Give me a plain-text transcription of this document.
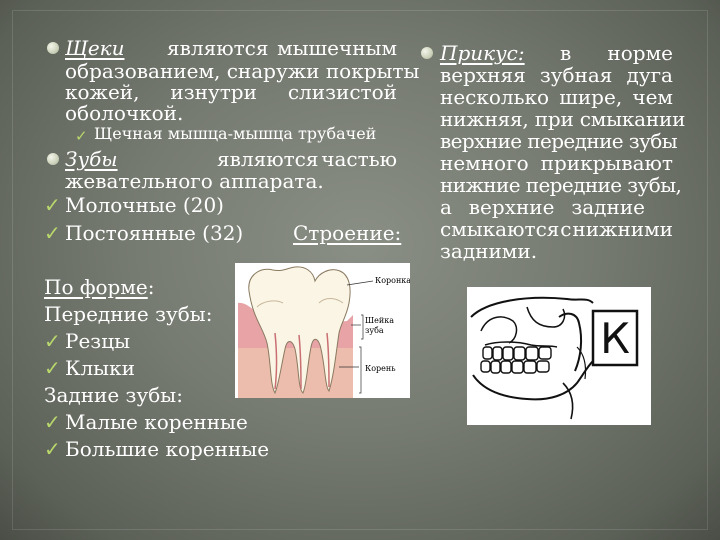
Щеки являются мышечным
образованием, снаружи покрыты
кожей, изнутри слизистой
оболочкой.
✓ Щечная мышца-мышца трубачей
Зубы	являются частью
жевательного аппарата.
✓ Молочные (20)
✓ Постоянные (32) Строение:
По форме:
Передние зубы:
✓ Резцы
✓ Клыки
Задние зубы:
✓ Малые коренные
✓ Большие коренные
Коронка
Шейка
зуба
Корень
Прикус: в норме
верхняя зубная дуга
несколько шире, чем
нижняя, при смыкании
верхние передние зубы
немного прикрывают
нижние передние зубы,
а верхние задние
смыкаются с нижними
задними.
К
